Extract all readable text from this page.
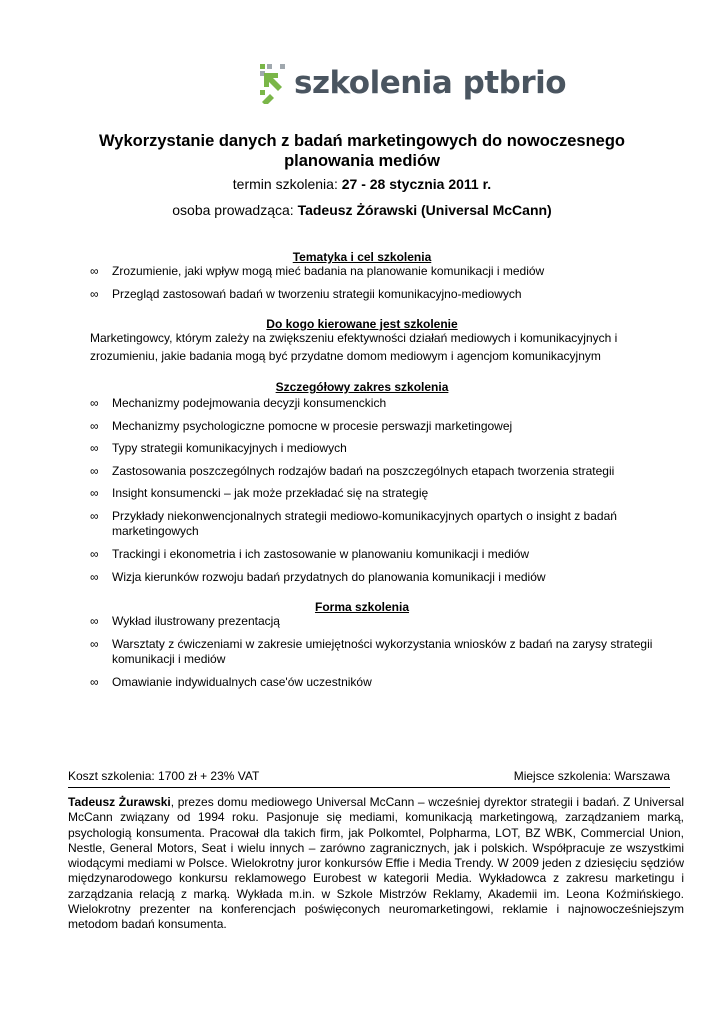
szkolenia ptbrio
Wykorzystanie danych z badań marketingowych do nowoczesnego planowania mediów
termin szkolenia: 27 - 28 stycznia 2011 r.
osoba prowadząca: Tadeusz Żórawski (Universal McCann)
Tematyka i cel szkolenia
∞ Zrozumienie, jaki wpływ mogą mieć badania na planowanie komunikacji i mediów
∞ Przegląd zastosowań badań w tworzeniu strategii komunikacyjno-mediowych
Do kogo kierowane jest szkolenie
Marketingowcy, którym zależy na zwiększeniu efektywności działań mediowych i komunikacyjnych i zrozumieniu, jakie badania mogą być przydatne domom mediowym i agencjom komunikacyjnym
Szczegółowy zakres szkolenia
∞ Mechanizmy podejmowania decyzji konsumenckich
∞ Mechanizmy psychologiczne pomocne w procesie perswazji marketingowej
∞ Typy strategii komunikacyjnych i mediowych
∞ Zastosowania poszczególnych rodzajów badań na poszczególnych etapach tworzenia strategii
∞ Insight konsumencki – jak może przekładać się na strategię
∞ Przykłady niekonwencjonalnych strategii mediowo-komunikacyjnych opartych o insight z badań marketingowych
∞ Trackingi i ekonometria i ich zastosowanie w planowaniu komunikacji i mediów
∞ Wizja kierunków rozwoju badań przydatnych do planowania komunikacji i mediów
Forma szkolenia
∞ Wykład ilustrowany prezentacją
∞ Warsztaty z ćwiczeniami w zakresie umiejętności wykorzystania wniosków z badań na zarysy strategii komunikacji i mediów
∞ Omawianie indywidualnych case'ów uczestników
Koszt szkolenia: 1700 zł + 23% VAT	Miejsce szkolenia: Warszawa
Tadeusz Żurawski, prezes domu mediowego Universal McCann – wcześniej dyrektor strategii i badań. Z Universal McCann związany od 1994 roku. Pasjonuje się mediami, komunikacją marketingową, zarządzaniem marką, psychologią konsumenta. Pracował dla takich firm, jak Polkomtel, Polpharma, LOT, BZ WBK, Commercial Union, Nestle, General Motors, Seat i wielu innych – zarówno zagranicznych, jak i polskich. Współpracuje ze wszystkimi wiodącymi mediami w Polsce. Wielokrotny juror konkursów Effie i Media Trendy. W 2009 jeden z dziesięciu sędziów międzynarodowego konkursu reklamowego Eurobest w kategorii Media. Wykładowca z zakresu marketingu i zarządzania relacją z marką. Wykłada m.in. w Szkole Mistrzów Reklamy, Akademii im. Leona Koźmińskiego. Wielokrotny prezenter na konferencjach poświęconych neuromarketingowi, reklamie i najnowocześniejszym metodom badań konsumenta.
